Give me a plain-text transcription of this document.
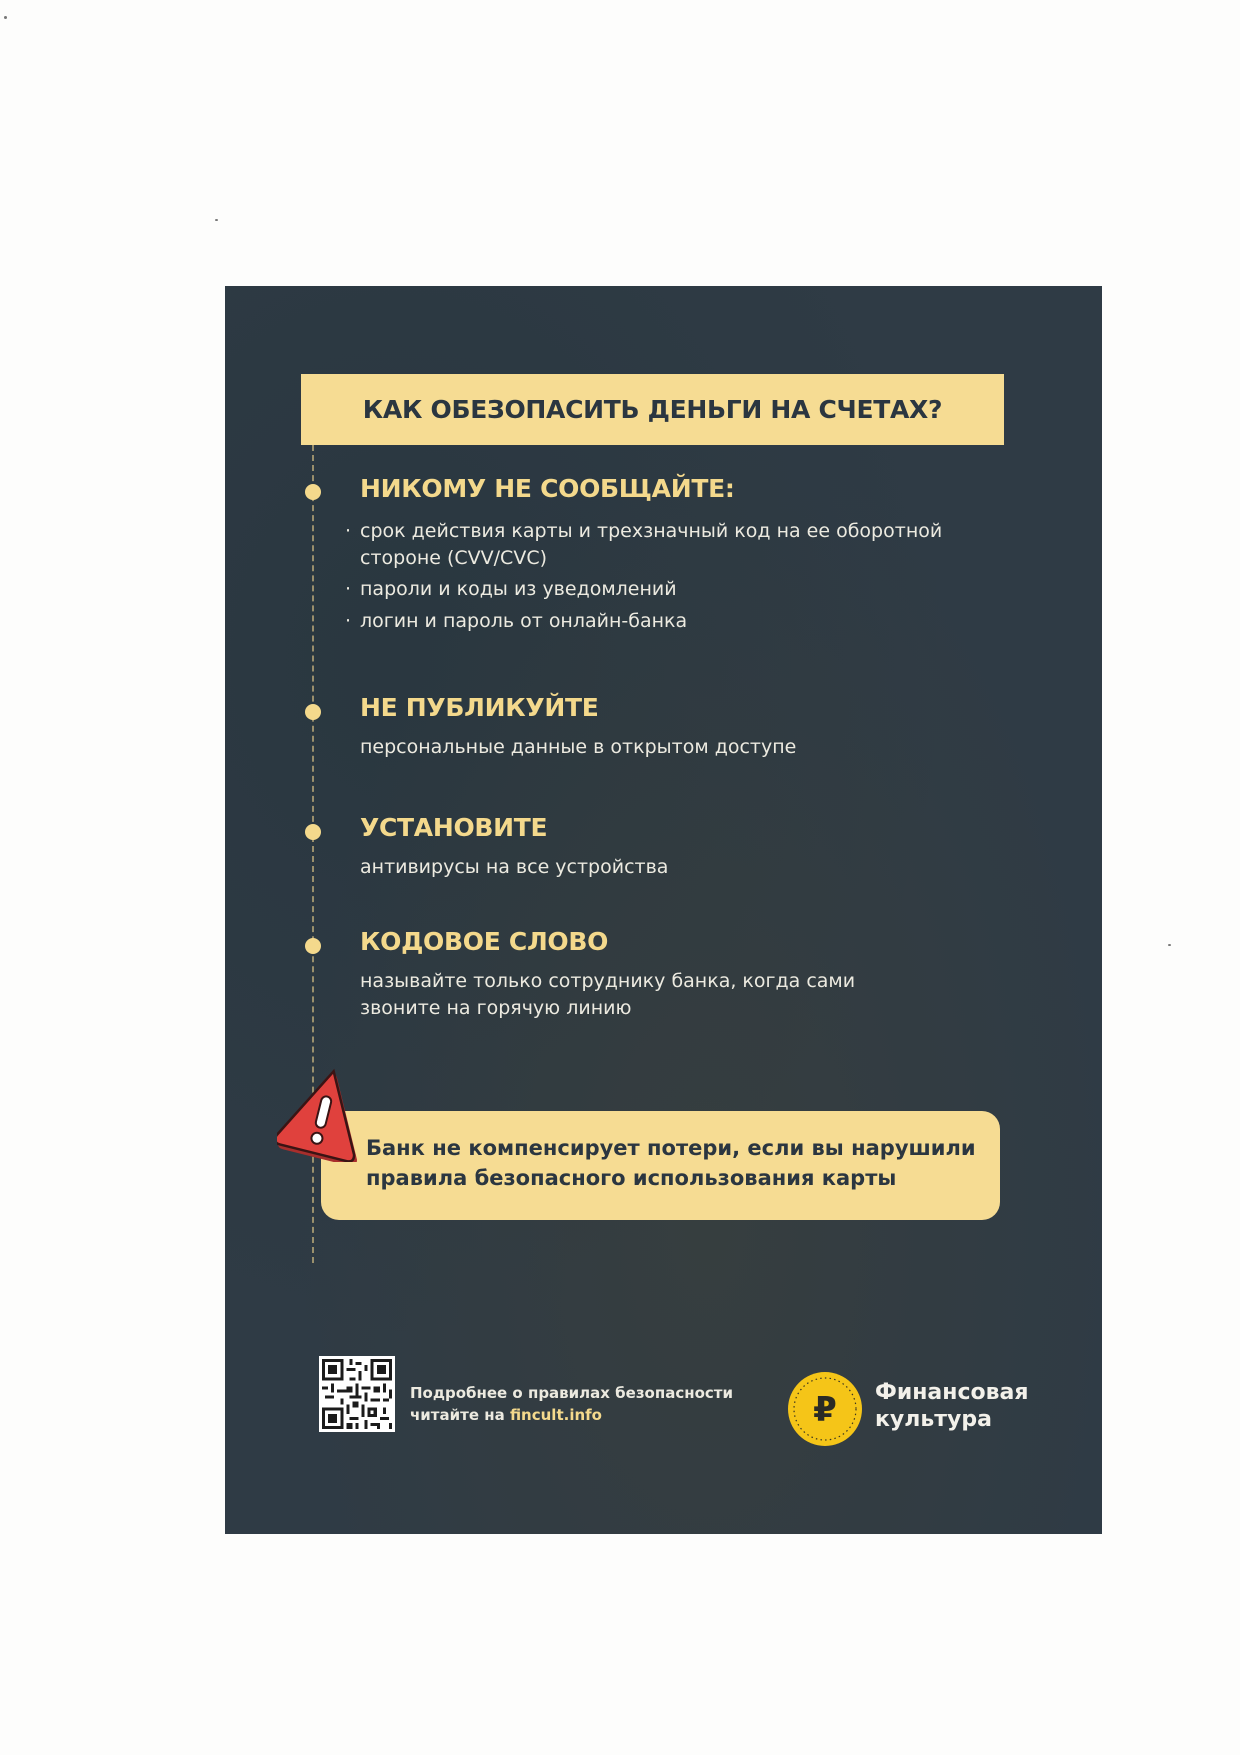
КАК ОБЕЗОПАСИТЬ ДЕНЬГИ НА СЧЕТАХ?
НИКОМУ НЕ СООБЩАЙТЕ:
· срок действия карты и трехзначный код на ее оборотной стороне (CVV/CVC)
· пароли и коды из уведомлений
· логин и пароль от онлайн-банка
НЕ ПУБЛИКУЙТЕ
персональные данные в открытом доступе
УСТАНОВИТЕ
антивирусы на все устройства
КОДОВОЕ СЛОВО
называйте только сотруднику банка, когда сами звоните на горячую линию
Банк не компенсирует потери, если вы нарушили правила безопасного использования карты
Подробнее о правилах безопасности
читайте на fincult.info	₽ Финансовая
культура
